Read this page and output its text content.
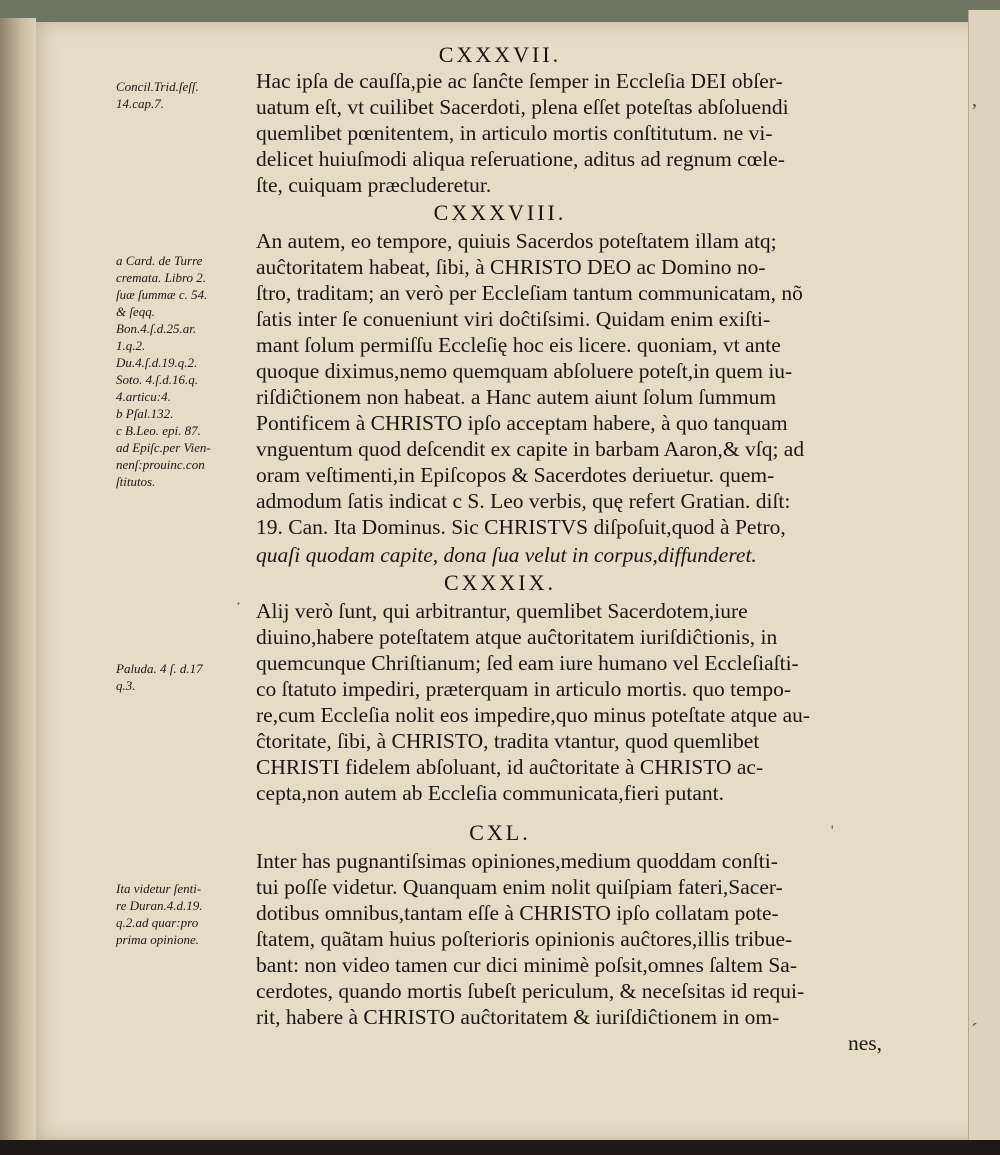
’
´
CXXXVII.
Hac ipſa de cauſſa,pie ac ſanĉte ſemper in Eccleſia DEI obſer-
uatum eſt, vt cuilibet Sacerdoti, plena eſſet poteſtas abſoluendi
quemlibet pœnitentem, in articulo mortis conſtitutum. ne vi-
delicet huiuſmodi aliqua reſeruatione, aditus ad regnum cœle-
ſte, cuiquam præcluderetur.
CXXXVIII.
An autem, eo tempore, quiuis Sacerdos poteſtatem illam atq;
auĉtoritatem habeat, ſibi, à CHRISTO DEO ac Domino no-
ſtro, traditam; an verò per Eccleſiam tantum communicatam, nõ
ſatis inter ſe conueniunt viri doĉtiſsimi. Quidam enim exiſti-
mant ſolum permiſſu Eccleſię hoc eis licere. quoniam, vt ante
quoque diximus,nemo quemquam abſoluere poteſt,in quem iu-
riſdiĉtionem non habeat. a Hanc autem aiunt ſolum ſummum
Pontificem à CHRISTO ipſo acceptam habere, à quo tanquam
vnguentum quod deſcendit ex capite in barbam Aaron,& vſq; ad
oram veſtimenti,in Epiſcopos & Sacerdotes deriuetur. quem-
admodum ſatis indicat c S. Leo verbis, quę refert Gratian. diſt:
19. Can. Ita Dominus. Sic CHRISTVS diſpoſuit,quod à Petro,
quaſi quodam capite, dona ſua velut in corpus,diffunderet.
CXXXIX.
Alij verò ſunt, qui arbitrantur, quemlibet Sacerdotem,iure
diuino,habere poteſtatem atque auĉtoritatem iuriſdiĉtionis, in
quemcunque Chriſtianum; ſed eam iure humano vel Eccleſiaſti-
co ſtatuto impediri, præterquam in articulo mortis. quo tempo-
re,cum Eccleſia nolit eos impedire,quo minus poteſtate atque au-
ĉtoritate, ſibi, à CHRISTO, tradita vtantur, quod quemlibet
CHRISTI fidelem abſoluant, id auĉtoritate à CHRISTO ac-
cepta,non autem ab Eccleſia communicata,fieri putant.
CXL.
Inter has pugnantiſsimas opiniones,medium quoddam conſti-
tui poſſe videtur. Quanquam enim nolit quiſpiam fateri,Sacer-
dotibus omnibus,tantam eſſe à CHRISTO ipſo collatam pote-
ſtatem, quãtam huius poſterioris opinionis auĉtores,illis tribue-
bant: non video tamen cur dici minimè poſsit,omnes ſaltem Sa-
cerdotes, quando mortis ſubeſt periculum, & neceſsitas id requi-
rit, habere à CHRISTO auĉtoritatem & iuriſdiĉtionem in om-
nes,
Concil.Trid.ſeſſ.
14.cap.7.
a Card. de Turre
cremata. Libro 2.
ſuæ ſummæ c. 54.
& ſeqq.
Bon.4.ſ.d.25.ar.
1.q.2.
Du.4.ſ.d.19.q.2.
Soto. 4.ſ.d.16.q.
4.articu:4.
b Pſal.132.
c B.Leo. epi. 87.
ad Epiſc.per Vien-
nenſ:prouinc.con
ſtitutos.
Paluda. 4 ſ. d.17
q.3.
Ita videtur ſenti-
re Duran.4.d.19.
q.2.ad quar:pro
prima opinione.
·
ˌ
